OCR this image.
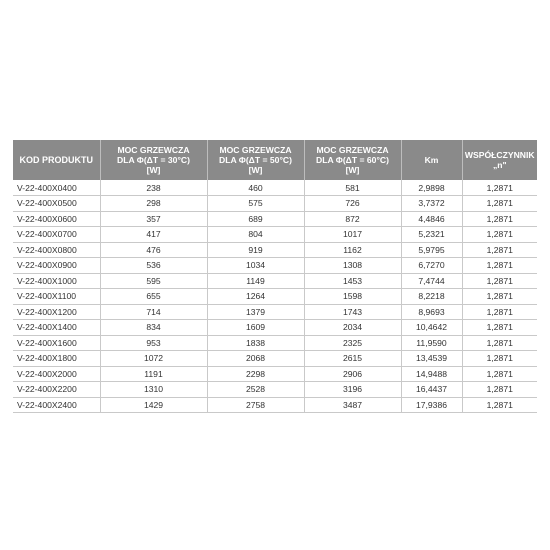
KOD PRODUKTU	MOC GRZEWCZA
DLA Φ(ΔT = 30°C)
[W]	MOC GRZEWCZA
DLA Φ(ΔT = 50°C)
[W]	MOC GRZEWCZA
DLA Φ(ΔT = 60°C)
[W]	Km	WSPÓŁCZYNNIK
„n"

V-22-400X0400	238	460	581	2,9898	1,2871
V-22-400X0500	298	575	726	3,7372	1,2871
V-22-400X0600	357	689	872	4,4846	1,2871
V-22-400X0700	417	804	1017	5,2321	1,2871
V-22-400X0800	476	919	1162	5,9795	1,2871
V-22-400X0900	536	1034	1308	6,7270	1,2871
V-22-400X1000	595	1149	1453	7,4744	1,2871
V-22-400X1100	655	1264	1598	8,2218	1,2871
V-22-400X1200	714	1379	1743	8,9693	1,2871
V-22-400X1400	834	1609	2034	10,4642	1,2871
V-22-400X1600	953	1838	2325	11,9590	1,2871
V-22-400X1800	1072	2068	2615	13,4539	1,2871
V-22-400X2000	1191	2298	2906	14,9488	1,2871
V-22-400X2200	1310	2528	3196	16,4437	1,2871
V-22-400X2400	1429	2758	3487	17,9386	1,2871
